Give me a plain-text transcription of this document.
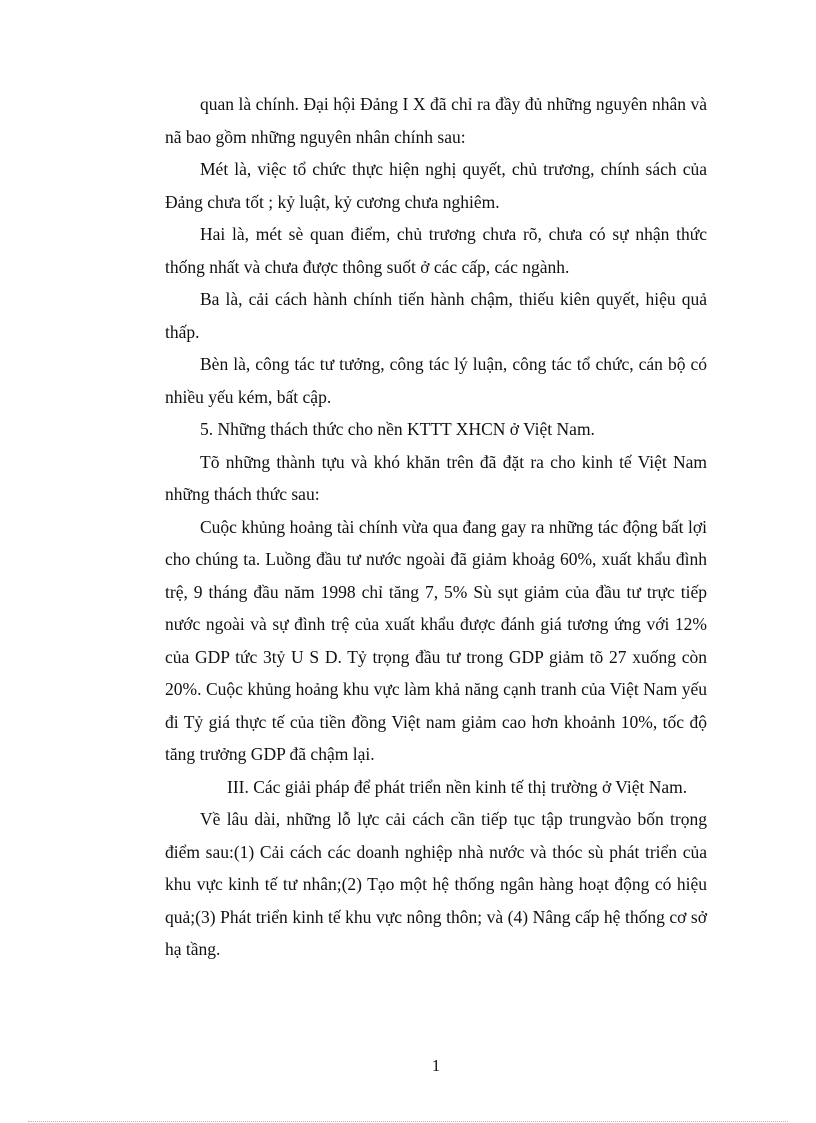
quan là chính. Đại hội Đảng I X đã chỉ ra đầy đủ những nguyên nhân và nã bao gồm những nguyên nhân chính sau:

Mét là, việc tổ chức thực hiện nghị quyết, chủ trương, chính sách của Đảng chưa tốt ; kỷ luật, kỷ cương chưa nghiêm.

Hai là, mét sè quan điểm, chủ trương chưa rõ, chưa có sự nhận thức thống nhất và chưa được thông suốt ở các cấp, các ngành.

Ba là, cải cách hành chính tiến hành chậm, thiếu kiên quyết, hiệu quả thấp.

Bèn là, công tác tư tưởng, công tác lý luận, công tác tổ chức, cán bộ có nhiều yếu kém, bất cập.

5. Những thách thức cho nền KTTT XHCN ở Việt Nam.

Tõ những thành tựu và khó khăn trên đã đặt ra cho kinh tế Việt Nam những thách thức sau:

Cuộc khủng hoảng tài chính vừa qua đang gay ra những tác động bất lợi cho chúng ta. Luồng đầu tư nước ngoài đã giảm khoảg 60%, xuất khẩu đình trệ, 9 tháng đầu năm 1998 chỉ tăng 7, 5% Sù sụt giảm của đầu tư trực tiếp nước ngoài và sự đình trệ của xuất khẩu được đánh giá tương ứng với 12% của GDP tức 3tỷ U S D. Tỷ trọng đầu tư trong GDP giảm tõ 27 xuống còn 20%. Cuộc khủng hoảng khu vực làm khả năng cạnh tranh của Việt Nam yếu đi Tỷ giá thực tế của tiền đồng Việt nam giảm cao hơn khoảnh 10%, tốc độ tăng trưởng GDP đã chậm lại.

III. Các giải pháp để phát triển nền kinh tế thị trường ở Việt Nam.

Về lâu dài, những lỗ lực cải cách cần tiếp tục tập trungvào bốn trọng điểm sau:(1) Cải cách các doanh nghiệp nhà nước và thóc sù phát triển của khu vực kinh tế tư nhân;(2) Tạo một hệ thống ngân hàng hoạt động có hiệu quả;(3) Phát triển kinh tế khu vực nông thôn; và (4) Nâng cấp hệ thống cơ sở hạ tầng.

1
